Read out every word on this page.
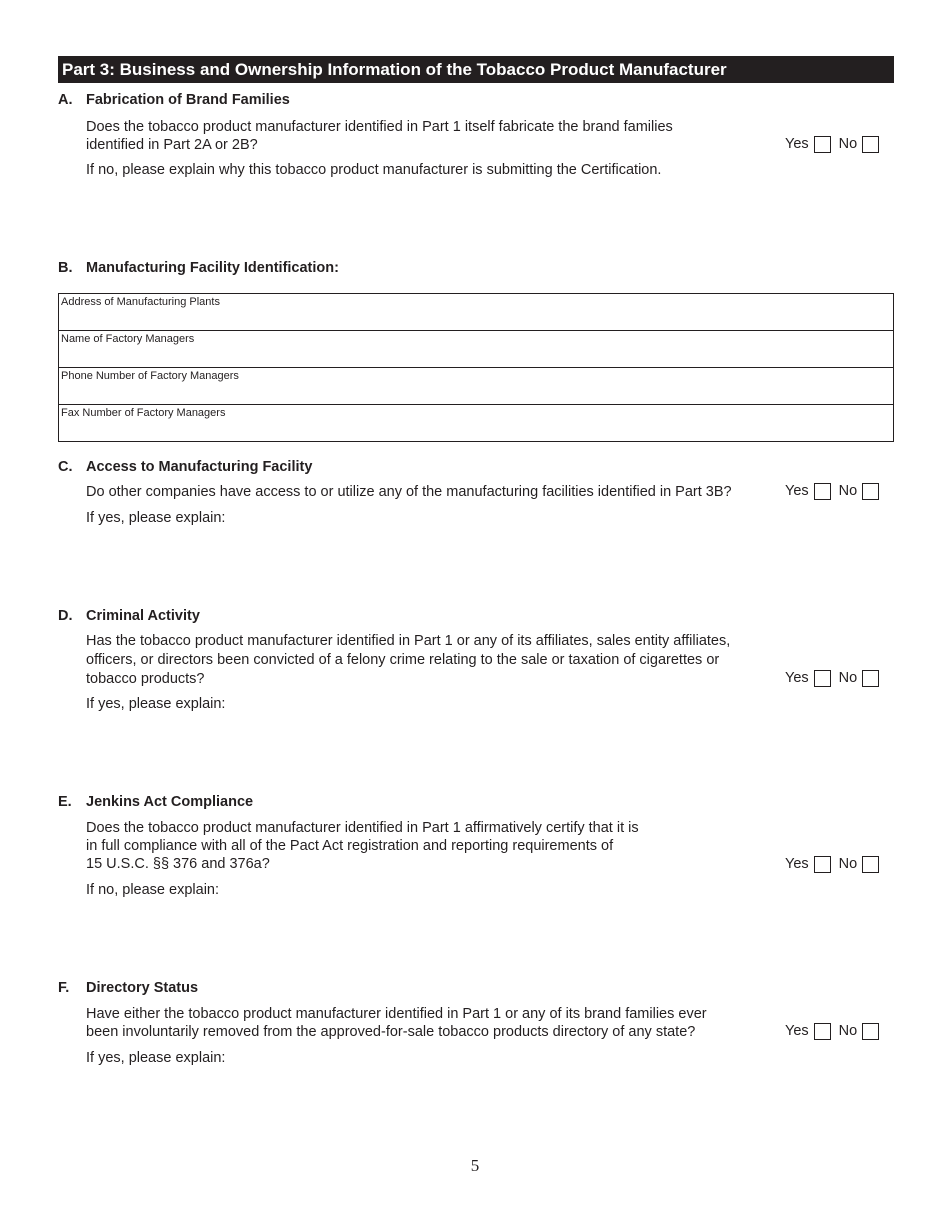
Part 3: Business and Ownership Information of the Tobacco Product Manufacturer
A. Fabrication of Brand Families
Does the tobacco product manufacturer identified in Part 1 itself fabricate the brand families
identified in Part 2A or 2B?	Yes No
If no, please explain why this tobacco product manufacturer is submitting the Certification.
B. Manufacturing Facility Identification:
Address of Manufacturing Plants
Name of Factory Managers
Phone Number of Factory Managers
Fax Number of Factory Managers
C. Access to Manufacturing Facility
Do other companies have access to or utilize any of the manufacturing facilities identified in Part 3B?	Yes No
If yes, please explain:
D. Criminal Activity
Has the tobacco product manufacturer identified in Part 1 or any of its affiliates, sales entity affiliates,
officers, or directors been convicted of a felony crime relating to the sale or taxation of cigarettes or
tobacco products?	Yes No
If yes, please explain:
E. Jenkins Act Compliance
Does the tobacco product manufacturer identified in Part 1 affirmatively certify that it is
in full compliance with all of the Pact Act registration and reporting requirements of
15 U.S.C. §§ 376 and 376a?	Yes No
If no, please explain:
F. Directory Status
Have either the tobacco product manufacturer identified in Part 1 or any of its brand families ever
been involuntarily removed from the approved-for-sale tobacco products directory of any state?	Yes No
If yes, please explain:
5
